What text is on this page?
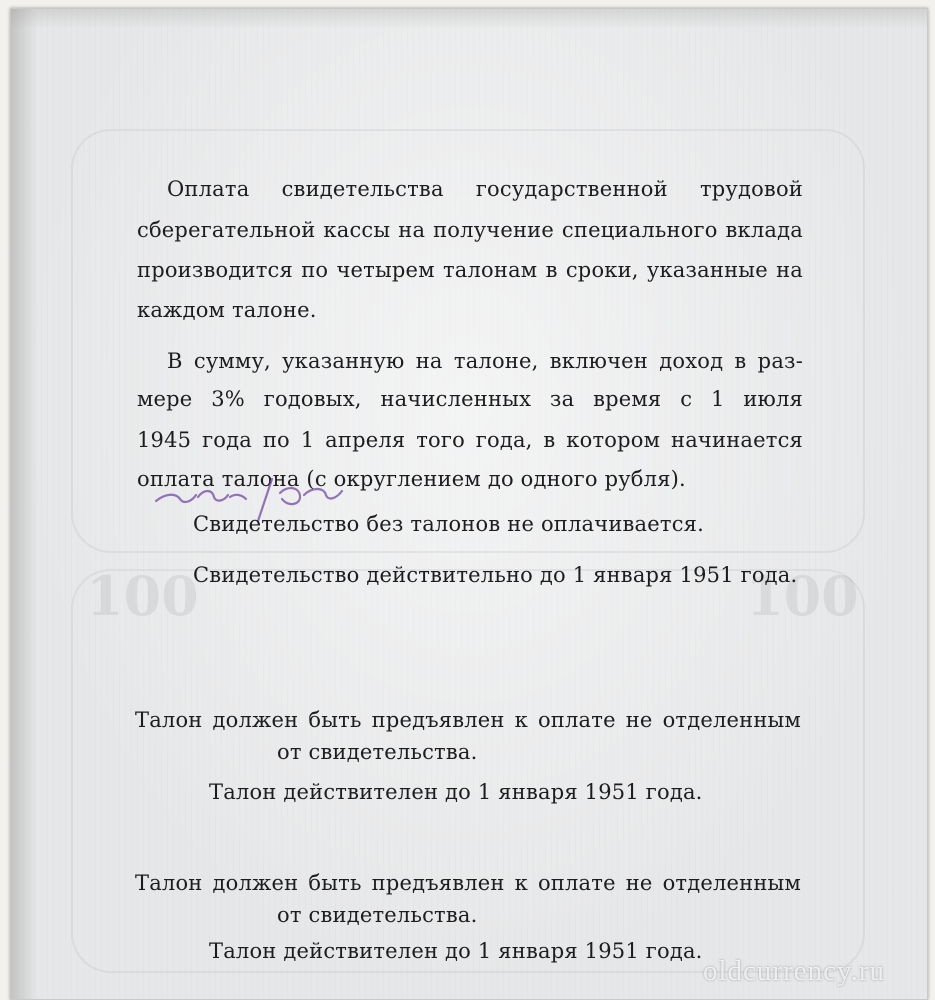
100	100
Оплата свидетельства государственной трудовой
сберегательной кассы на получение специального вклада
производится по четырем талонам в сроки, указанные на
каждом талоне.
В сумму, указанную на талоне, включен доход в раз-
мере 3% годовых, начисленных за время с 1 июля
1945 года по 1 апреля того года, в котором начинается
оплата талона (с округлением до одного рубля).
Свидетельство без талонов не оплачивается.
Свидетельство действительно до 1 января 1951 года.
Талон должен быть предъявлен к оплате не отделенным
от свидетельства.
Талон действителен до 1 января 1951 года.
Талон должен быть предъявлен к оплате не отделенным
от свидетельства.
Талон действителен до 1 января 1951 года.
oldcurrency.ru
